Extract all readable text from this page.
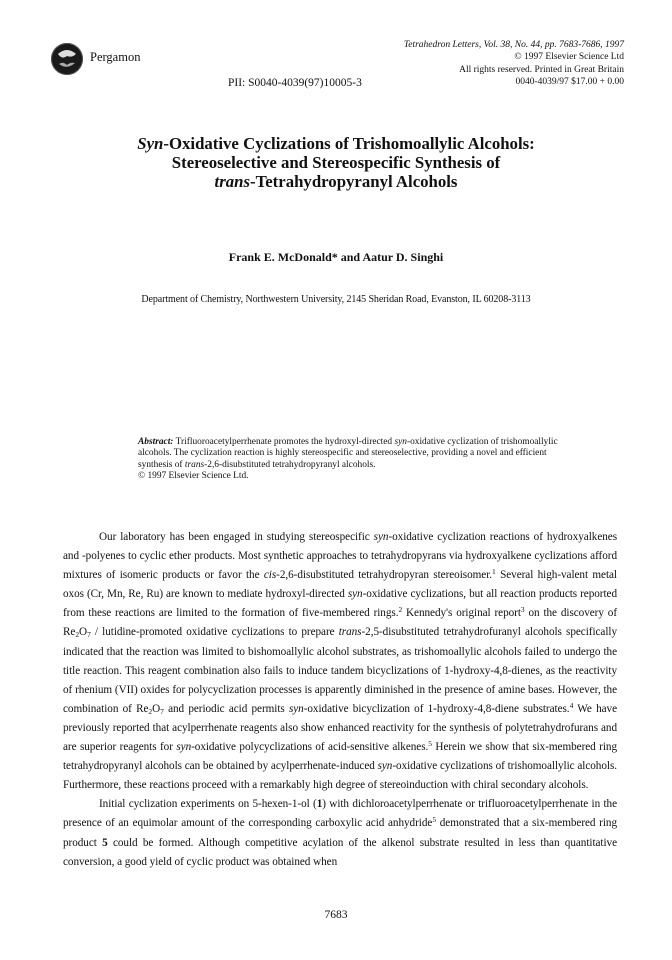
Pergamon
Tetrahedron Letters, Vol. 38, No. 44, pp. 7683-7686, 1997
© 1997 Elsevier Science Ltd
All rights reserved. Printed in Great Britain
0040-4039/97 $17.00 + 0.00
PII: S0040-4039(97)10005-3
Syn-Oxidative Cyclizations of Trishomoallylic Alcohols:
Stereoselective and Stereospecific Synthesis of
trans-Tetrahydropyranyl Alcohols
Frank E. McDonald* and Aatur D. Singhi
Department of Chemistry, Northwestern University, 2145 Sheridan Road, Evanston, IL 60208-3113
Abstract: Trifluoroacetylperrhenate promotes the hydroxyl-directed syn-oxidative cyclization of trishomoallylic alcohols. The cyclization reaction is highly stereospecific and stereoselective, providing a novel and efficient synthesis of trans-2,6-disubstituted tetrahydropyranyl alcohols.
© 1997 Elsevier Science Ltd.

Our laboratory has been engaged in studying stereospecific syn-oxidative cyclization reactions of hydroxyalkenes and -polyenes to cyclic ether products. Most synthetic approaches to tetrahydropyrans via hydroxyalkene cyclizations afford mixtures of isomeric products or favor the cis-2,6-disubstituted tetrahydropyran stereoisomer.$^1$ Several high-valent metal oxos (Cr, Mn, Re, Ru) are known to mediate hydroxyl-directed syn-oxidative cyclizations, but all reaction products reported from these reactions are limited to the formation of five-membered rings.$^2$ Kennedy's original report$^3$ on the discovery of $Re_2O_7$ / lutidine-promoted oxidative cyclizations to prepare trans-2,5-disubstituted tetrahydrofuranyl alcohols specifically indicated that the reaction was limited to bishomoallylic alcohol substrates, as trishomoallylic alcohols failed to undergo the title reaction. This reagent combination also fails to induce tandem bicyclizations of 1-hydroxy-4,8-dienes, as the reactivity of rhenium (VII) oxides for polycyclization processes is apparently diminished in the presence of amine bases. However, the combination of $Re_2O_7$ and periodic acid permits syn-oxidative bicyclization of 1-hydroxy-4,8-diene substrates.$^4$ We have previously reported that acylperrhenate reagents also show enhanced reactivity for the synthesis of polytetrahydrofurans and are superior reagents for syn-oxidative polycyclizations of acid-sensitive alkenes.$^5$ Herein we show that six-membered ring tetrahydropyranyl alcohols can be obtained by acylperrhenate-induced syn-oxidative cyclizations of trishomoallylic alcohols. Furthermore, these reactions proceed with a remarkably high degree of stereoinduction with chiral secondary alcohols.

Initial cyclization experiments on 5-hexen-1-ol (1) with dichloroacetylperrhenate or trifluoroacetylperrhenate in the presence of an equimolar amount of the corresponding carboxylic acid anhydride$^5$ demonstrated that a six-membered ring product 5 could be formed. Although competitive acylation of the alkenol substrate resulted in less than quantitative conversion, a good yield of cyclic product was obtained when

7683
